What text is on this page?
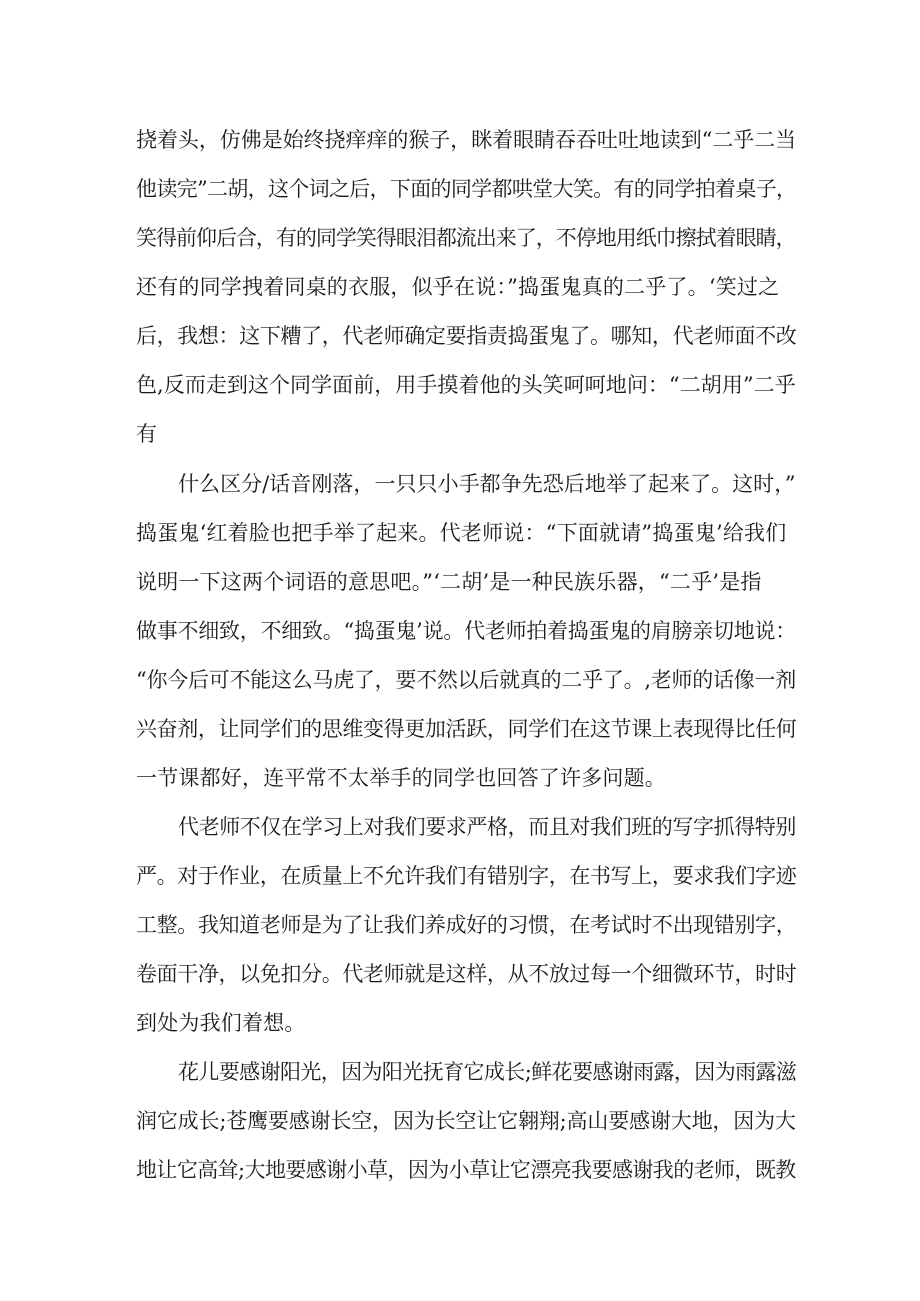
挠着头，仿佛是始终挠痒痒的猴子，眯着眼睛吞吞吐吐地读到“二乎二当
他读完”二胡，这个词之后，下面的同学都哄堂大笑。有的同学拍着桌子，
笑得前仰后合，有的同学笑得眼泪都流出来了，不停地用纸巾擦拭着眼睛，
还有的同学拽着同桌的衣服，似乎在说：”捣蛋鬼真的二乎了。‘笑过之
后，我想：这下糟了，代老师确定要指责捣蛋鬼了。哪知，代老师面不改
色,反而走到这个同学面前，用手摸着他的头笑呵呵地问：“二胡用”二乎
有
什么区分/话音刚落，一只只小手都争先恐后地举了起来了。这时，”
捣蛋鬼‘红着脸也把手举了起来。代老师说：“下面就请”捣蛋鬼’给我们
说明一下这两个词语的意思吧。”‘二胡’是一种民族乐器，“二乎’是指
做事不细致，不细致。“捣蛋鬼’说。代老师拍着捣蛋鬼的肩膀亲切地说：
“你今后可不能这么马虎了，要不然以后就真的二乎了。,老师的话像一剂
兴奋剂，让同学们的思维变得更加活跃，同学们在这节课上表现得比任何
一节课都好，连平常不太举手的同学也回答了许多问题。
代老师不仅在学习上对我们要求严格，而且对我们班的写字抓得特别
严。对于作业，在质量上不允许我们有错别字，在书写上，要求我们字迹
工整。我知道老师是为了让我们养成好的习惯，在考试时不出现错别字，
卷面干净，以免扣分。代老师就是这样，从不放过每一个细微环节，时时
到处为我们着想。
花儿要感谢阳光，因为阳光抚育它成长;鲜花要感谢雨露，因为雨露滋
润它成长;苍鹰要感谢长空，因为长空让它翱翔;高山要感谢大地，因为大
地让它高耸;大地要感谢小草，因为小草让它漂亮我要感谢我的老师，既教
